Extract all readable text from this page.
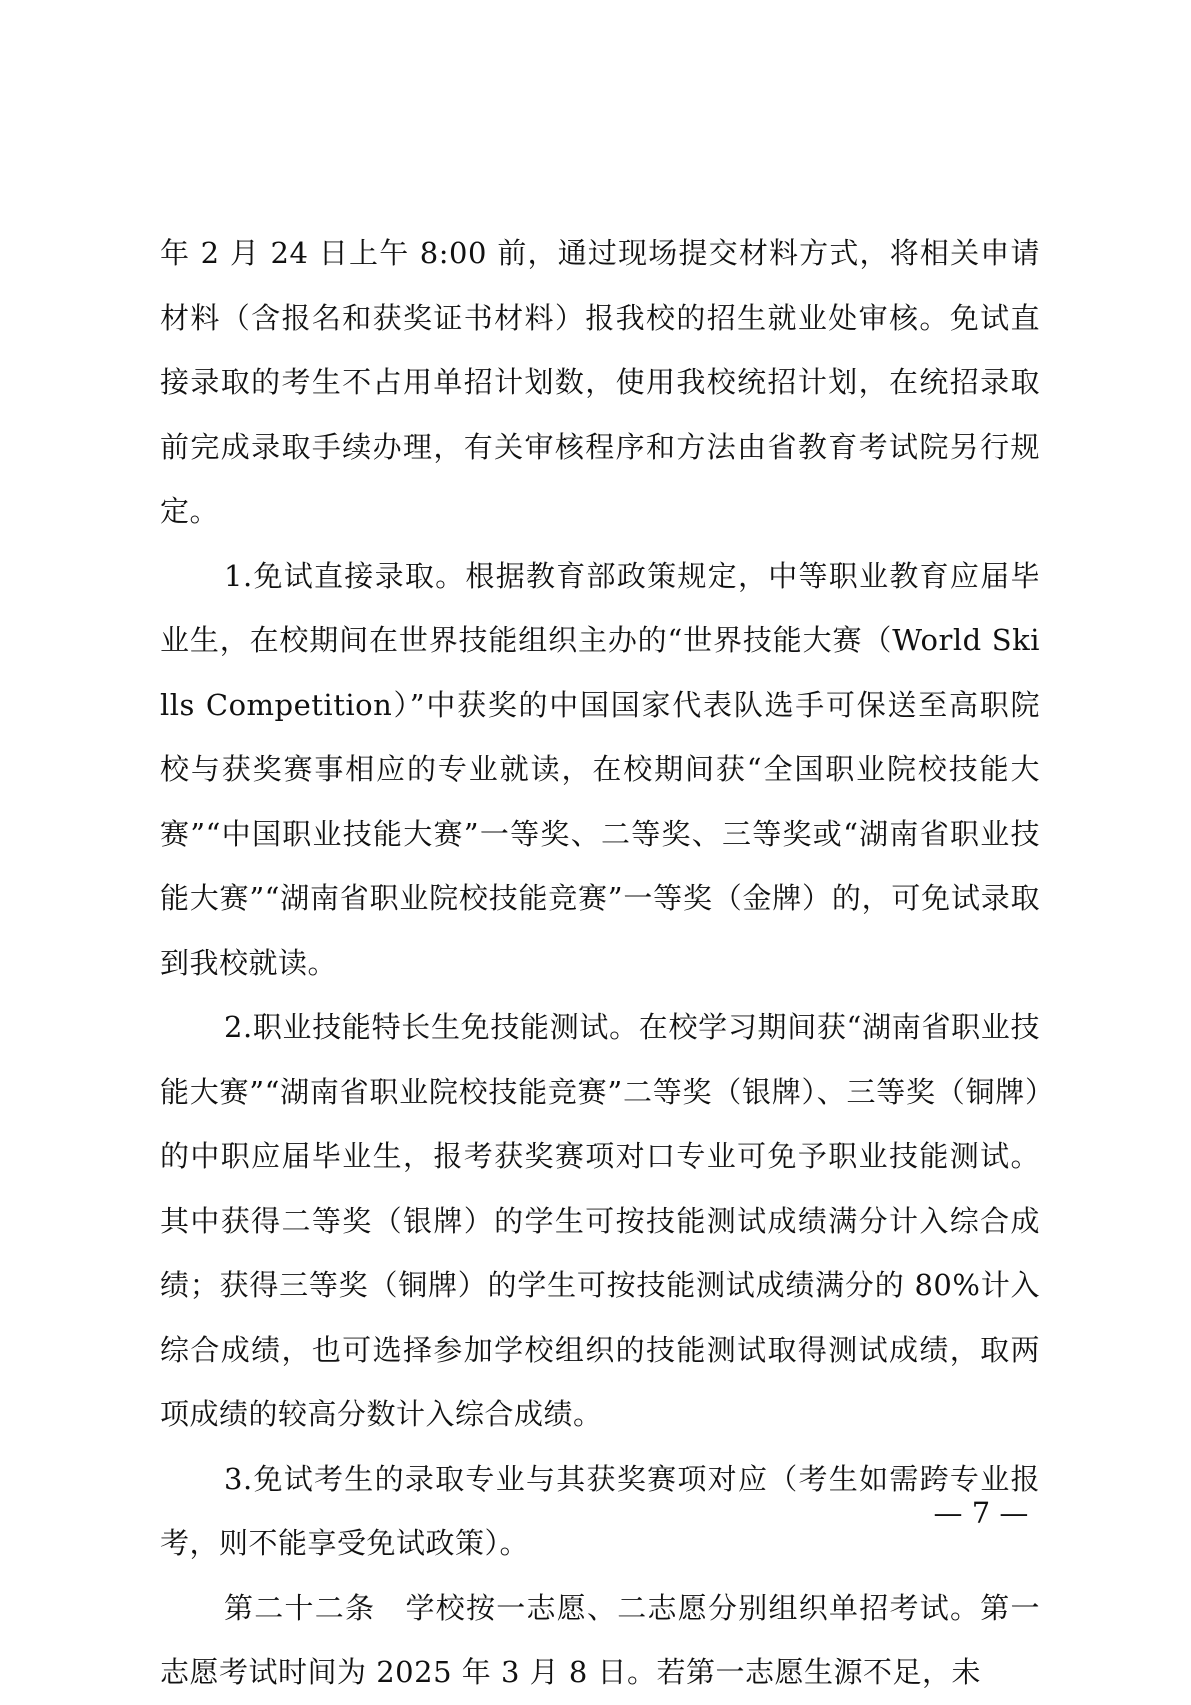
年 2 月 24 日上午 8:00 前，通过现场提交材料方式，将相关申请材料（含报名和获奖证书材料）报我校的招生就业处审核。免试直接录取的考生不占用单招计划数，使用我校统招计划，在统招录取前完成录取手续办理，有关审核程序和方法由省教育考试院另行规定。

1.免试直接录取。根据教育部政策规定，中等职业教育应届毕业生，在校期间在世界技能组织主办的“世界技能大赛（World Skills Competition）”中获奖的中国国家代表队选手可保送至高职院校与获奖赛事相应的专业就读，在校期间获“全国职业院校技能大赛”“中国职业技能大赛”一等奖、二等奖、三等奖或“湖南省职业技能大赛”“湖南省职业院校技能竞赛”一等奖（金牌）的，可免试录取到我校就读。

2.职业技能特长生免技能测试。在校学习期间获“湖南省职业技能大赛”“湖南省职业院校技能竞赛”二等奖（银牌）、三等奖（铜牌）的中职应届毕业生，报考获奖赛项对口专业可免予职业技能测试。其中获得二等奖（银牌）的学生可按技能测试成绩满分计入综合成绩；获得三等奖（铜牌）的学生可按技能测试成绩满分的 80%计入综合成绩，也可选择参加学校组织的技能测试取得测试成绩，取两项成绩的较高分数计入综合成绩。

3.免试考生的录取专业与其获奖赛项对应（考生如需跨专业报考，则不能享受免试政策）。

第二十二条　学校按一志愿、二志愿分别组织单招考试。第一志愿考试时间为 2025 年 3 月 8 日。若第一志愿生源不足，未

— 7 —
